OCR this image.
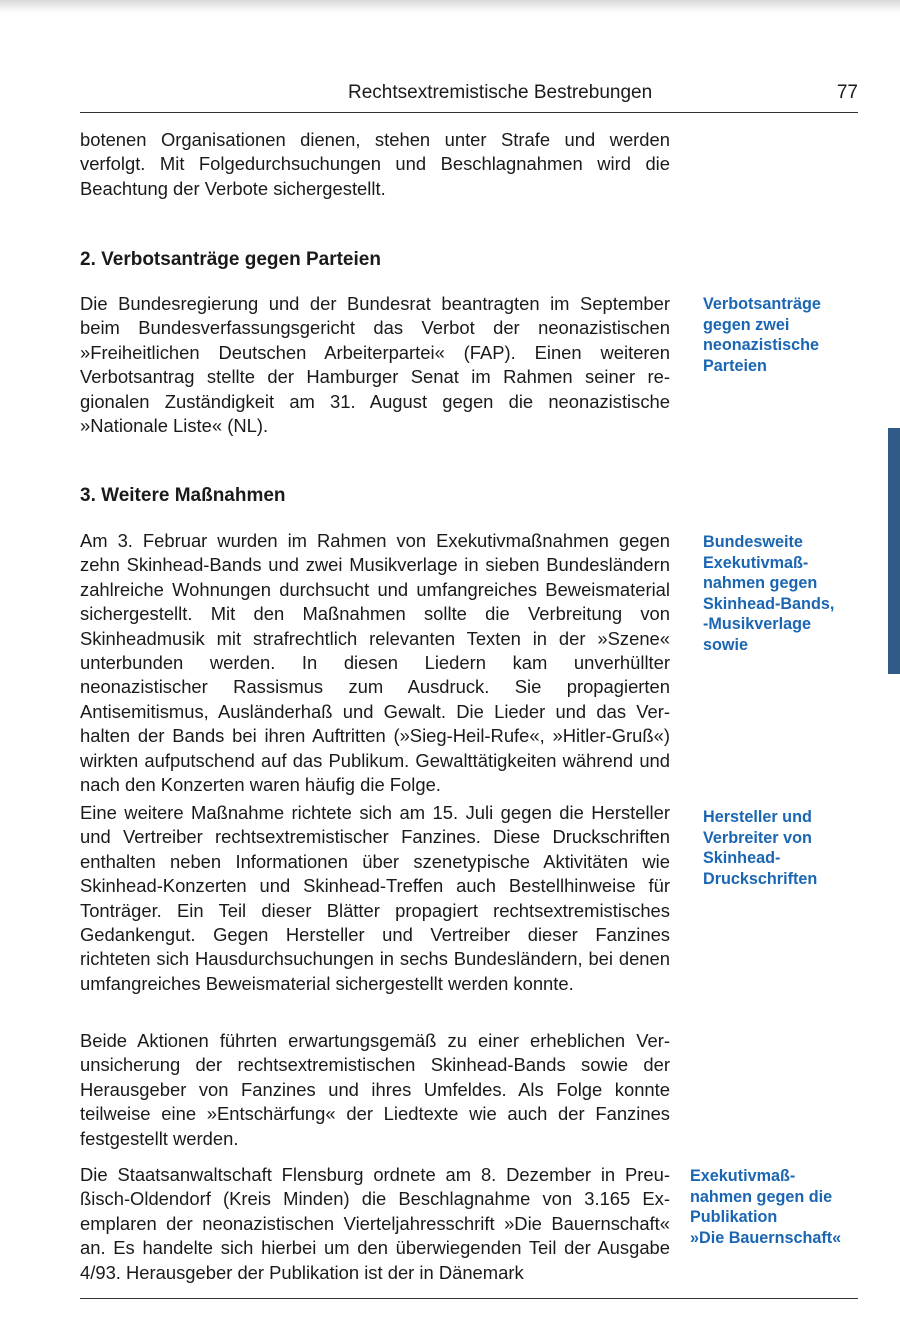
Rechtsextremistische Bestrebungen	77
botenen Organisationen dienen, stehen unter Strafe und werden verfolgt. Mit Folgedurchsuchungen und Beschlagnahmen wird die Beachtung der Verbote sichergestellt.
2. Verbotsanträge gegen Parteien
Die Bundesregierung und der Bundesrat beantragten im September beim Bundesverfassungsgericht das Verbot der neonazistischen »Freiheitlichen Deutschen Arbeiterpartei« (FAP). Einen weiteren Verbotsantrag stellte der Hamburger Senat im Rahmen seiner regionalen Zuständigkeit am 31. August gegen die neonazistische »Nationale Liste« (NL).
Verbotsanträge
gegen zwei
neonazistische
Parteien
3. Weitere Maßnahmen
Am 3. Februar wurden im Rahmen von Exekutivmaßnahmen gegen zehn Skinhead-Bands und zwei Musikverlage in sieben Bundesländern zahlreiche Wohnungen durchsucht und umfangreiches Beweismaterial sichergestellt. Mit den Maßnahmen sollte die Verbreitung von Skinheadmusik mit strafrechtlich relevanten Texten in der »Szene« unterbunden werden. In diesen Liedern kam unverhüllter neonazistischer Rassismus zum Ausdruck. Sie propagierten Antisemitismus, Ausländerhaß und Gewalt. Die Lieder und das Verhalten der Bands bei ihren Auftritten (»Sieg-Heil-Rufe«, »Hitler-Gruß«) wirkten aufputschend auf das Publikum. Gewalttätigkeiten während und nach den Konzerten waren häufig die Folge.
Bundesweite
Exekutivmaß-
nahmen gegen
Skinhead-Bands,
-Musikverlage
sowie
Eine weitere Maßnahme richtete sich am 15. Juli gegen die Hersteller und Vertreiber rechtsextremistischer Fanzines. Diese Druckschriften enthalten neben Informationen über szenetypische Aktivitäten wie Skinhead-Konzerten und Skinhead-Treffen auch Bestellhinweise für Tonträger. Ein Teil dieser Blätter propagiert rechtsextremistisches Gedankengut. Gegen Hersteller und Vertreiber dieser Fanzines richteten sich Hausdurchsuchungen in sechs Bundesländern, bei denen umfangreiches Beweismaterial sichergestellt werden konnte.
Hersteller und
Verbreiter von
Skinhead-
Druckschriften
Beide Aktionen führten erwartungsgemäß zu einer erheblichen Verunsicherung der rechtsextremistischen Skinhead-Bands sowie der Herausgeber von Fanzines und ihres Umfeldes. Als Folge konnte teilweise eine »Entschärfung« der Liedtexte wie auch der Fanzines festgestellt werden.
Die Staatsanwaltschaft Flensburg ordnete am 8. Dezember in Preußisch-Oldendorf (Kreis Minden) die Beschlagnahme von 3.165 Exemplaren der neonazistischen Vierteljahresschrift »Die Bauernschaft« an. Es handelte sich hierbei um den überwiegenden Teil der Ausgabe 4/93. Herausgeber der Publikation ist der in Dänemark
Exekutivmaß-
nahmen gegen die
Publikation
»Die Bauernschaft«
